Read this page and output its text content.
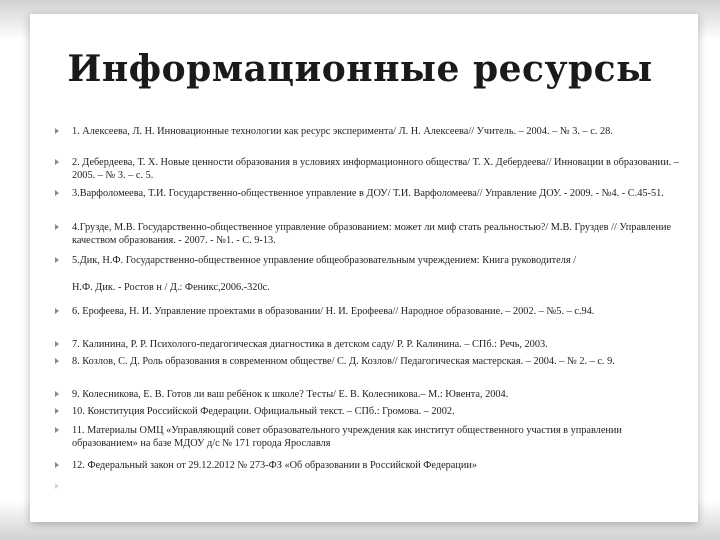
Информационные ресурсы
1. Алексеева, Л. Н. Инновационные технологии как ресурс эксперимента/ Л. Н. Алексеева// Учитель. – 2004. – № 3. – с. 28.
2. Дебердеева, Т. Х. Новые ценности образования в условиях информационного общества/ Т. Х. Дебердеева// Инновации в образовании. – 2005. – № 3. – с. 5.
3.Варфоломеева, Т.И. Государственно-общественное управление в ДОУ/ Т.И. Варфоломеева// Управление ДОУ. - 2009. - №4. - С.45-51.
4.Грузде, М.В. Государственно-общественное управление образованием: может ли миф стать реальностью?/ М.В. Груздев // Управление качеством образования. - 2007. - №1. - С. 9-13.
5.Дик, Н.Ф. Государственно-общественное управление общеобразовательным учреждением: Книга руководителя /
Н.Ф. Дик. - Ростов н / Д.: Феникс,2006.-320с.
6. Ерофеева, Н. И. Управление проектами в образовании/ Н. И. Ерофеева// Народное образование. – 2002. – №5. – с.94.
7. Калинина, Р. Р. Психолого-педагогическая диагностика в детском саду/ Р. Р. Калинина. – СПб.: Речь, 2003.
8. Козлов, С. Д. Роль образования в современном обществе/ С. Д. Козлов// Педагогическая мастерская. – 2004. – № 2. – с. 9.
9. Колесникова, Е. В. Готов ли ваш ребёнок к школе? Тесты/ Е. В. Колесникова.– М.: Ювента, 2004.
10. Конституция Российской Федерации. Официальный текст. – СПб.: Громова. – 2002.
11. Материалы ОМЦ «Управляющий совет образовательного учреждения как институт общественного участия в управлении образованием» на базе МДОУ д/с № 171 города Ярославля
12. Федеральный закон от 29.12.2012 № 273-ФЗ «Об образовании в Российской Федерации»
